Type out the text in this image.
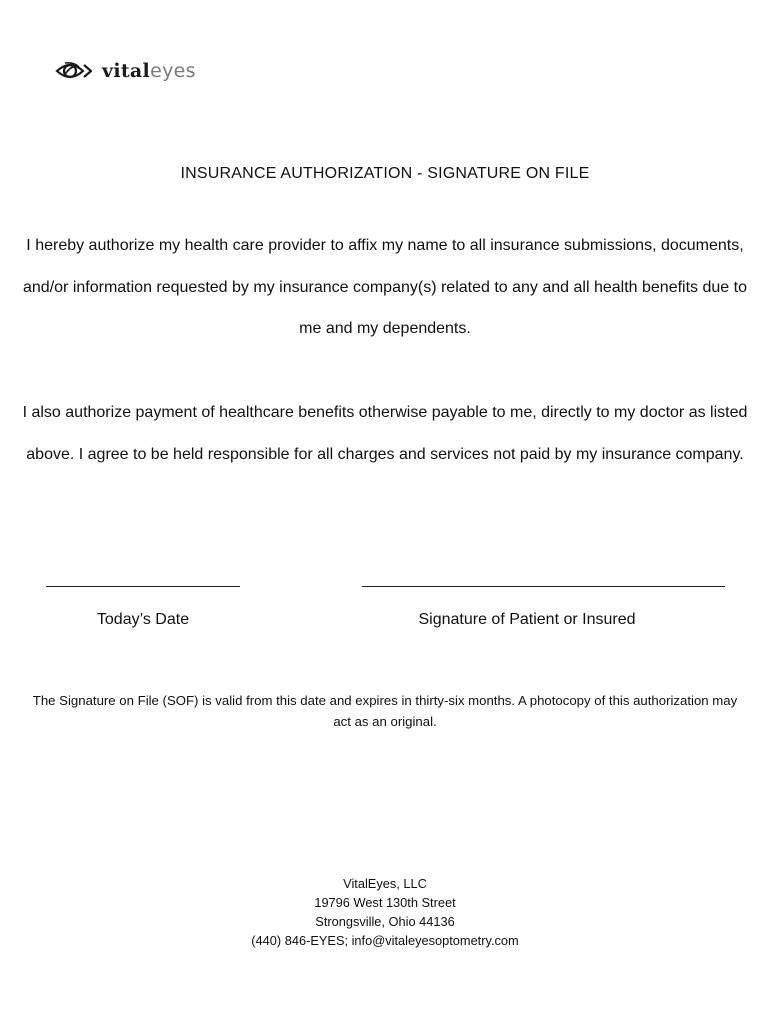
vitaleyes
INSURANCE AUTHORIZATION - SIGNATURE ON FILE

I hereby authorize my health care provider to affix my name to all insurance submissions, documents, and/or information requested by my insurance company(s) related to any and all health benefits due to me and my dependents.

I also authorize payment of healthcare benefits otherwise payable to me, directly to my doctor as listed above. I agree to be held responsible for all charges and services not paid by my insurance company.

Today’s Date	Signature of Patient or Insured

The Signature on File (SOF) is valid from this date and expires in thirty-six months. A photocopy of this authorization may act as an original.

VitalEyes, LLC
19796 West 130th Street
Strongsville, Ohio 44136
(440) 846-EYES; info@vitaleyesoptometry.com
